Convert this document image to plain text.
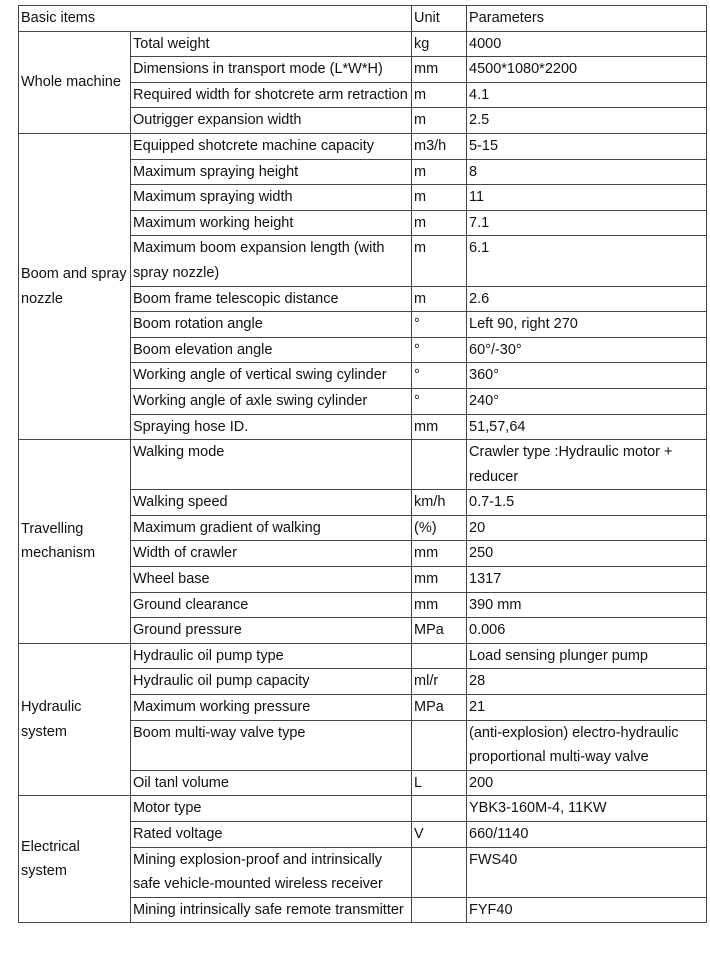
Basic items		Unit	Parameters
Whole machine	Total weight	kg	4000
	Dimensions in transport mode (L*W*H)	mm	4500*1080*2200
	Required width for shotcrete arm retraction	m	4.1
	Outrigger expansion width	m	2.5
Boom and spray nozzle	Equipped shotcrete machine capacity	m3/h	5-15
	Maximum spraying height	m	8
	Maximum spraying width	m	11
	Maximum working height	m	7.1
	Maximum boom expansion length (with spray nozzle)	m	6.1
	Boom frame telescopic distance	m	2.6
	Boom rotation angle	°	Left 90, right 270
	Boom elevation angle	°	60°/-30°
	Working angle of vertical swing cylinder	°	360°
	Working angle of axle swing cylinder	°	240°
	Spraying hose ID.	mm	51,57,64
Travelling mechanism	Walking mode		Crawler type :Hydraulic motor + reducer
	Walking speed	km/h	0.7-1.5
	Maximum gradient of walking	(%)	20
	Width of crawler	mm	250
	Wheel base	mm	1317
	Ground clearance	mm	390 mm
	Ground pressure	MPa	0.006
Hydraulic system	Hydraulic oil pump type		Load sensing plunger pump
	Hydraulic oil pump capacity	ml/r	28
	Maximum working pressure	MPa	21
	Boom multi-way valve type		(anti-explosion) electro-hydraulic proportional multi-way valve
	Oil tanl volume	L	200
Electrical system	Motor type		YBK3-160M-4, 11KW
	Rated voltage	V	660/1140
	Mining explosion-proof and intrinsically safe vehicle-mounted wireless receiver		FWS40
	Mining intrinsically safe remote transmitter		FYF40
